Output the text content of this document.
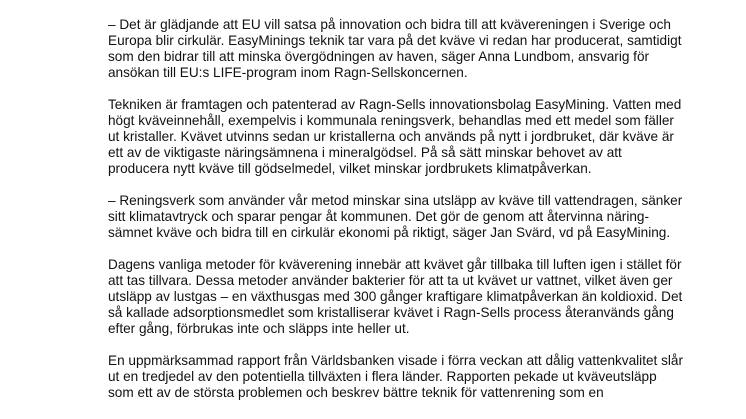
– Det är glädjande att EU vill satsa på innovation och bidra till att kvävereningen i Sverige och
Europa blir cirkulär. EasyMinings teknik tar vara på det kväve vi redan har producerat, samtidigt
som den bidrar till att minska övergödningen av haven, säger Anna Lundbom, ansvarig för
ansökan till EU:s LIFE-program inom Ragn-Sellskoncernen.
Tekniken är framtagen och patenterad av Ragn-Sells innovationsbolag EasyMining. Vatten med
högt kväveinnehåll, exempelvis i kommunala reningsverk, behandlas med ett medel som fäller
ut kristaller. Kvävet utvinns sedan ur kristallerna och används på nytt i jordbruket, där kväve är
ett av de viktigaste näringsämnena i mineralgödsel. På så sätt minskar behovet av att
producera nytt kväve till gödselmedel, vilket minskar jordbrukets klimatpåverkan.
– Reningsverk som använder vår metod minskar sina utsläpp av kväve till vattendragen, sänker
sitt klimatavtryck och sparar pengar åt kommunen. Det gör de genom att återvinna näring-
sämnet kväve och bidra till en cirkulär ekonomi på riktigt, säger Jan Svärd, vd på EasyMining.
Dagens vanliga metoder för kväverening innebär att kvävet går tillbaka till luften igen i stället för
att tas tillvara. Dessa metoder använder bakterier för att ta ut kvävet ur vattnet, vilket även ger
utsläpp av lustgas – en växthusgas med 300 gånger kraftigare klimatpåverkan än koldioxid. Det
så kallade adsorptionsmedlet som kristalliserar kvävet i Ragn-Sells process återanvänds gång
efter gång, förbrukas inte och släpps inte heller ut.
En uppmärksammad rapport från Världsbanken visade i förra veckan att dålig vattenkvalitet slår
ut en tredjedel av den potentiella tillväxten i flera länder. Rapporten pekade ut kväveutsläpp
som ett av de största problemen och beskrev bättre teknik för vattenrening som en
